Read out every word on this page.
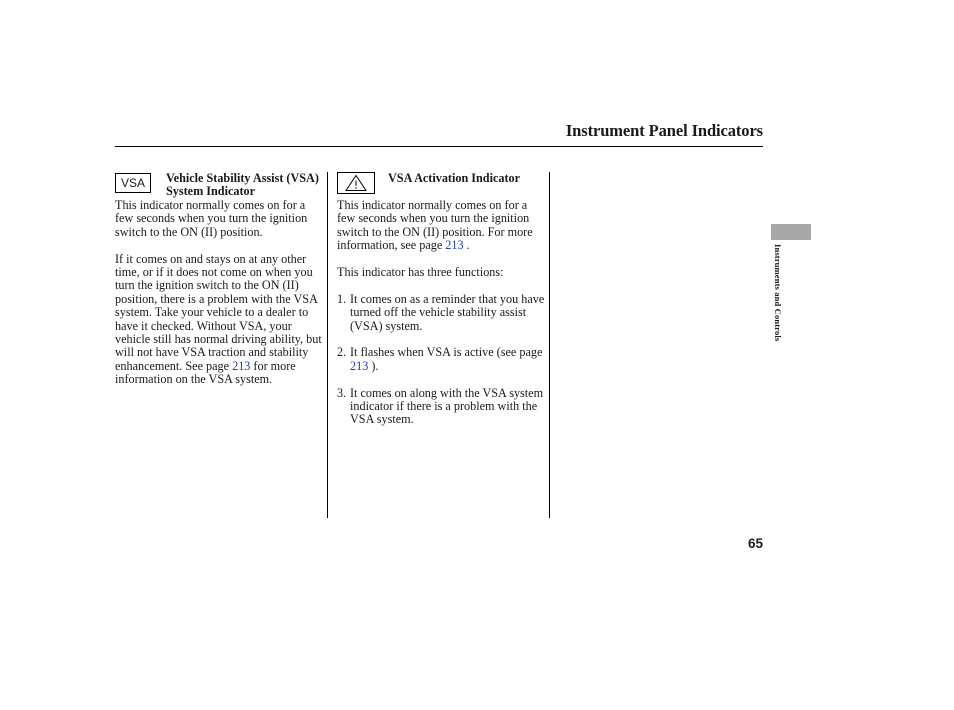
Instrument Panel Indicators
VSA	Vehicle Stability Assist (VSA) System Indicator

This indicator normally comes on for a few seconds when you turn the ignition switch to the ON (II) position.

If it comes on and stays on at any other time, or if it does not come on when you turn the ignition switch to the ON (II) position, there is a problem with the VSA system. Take your vehicle to a dealer to have it checked. Without VSA, your vehicle still has normal driving ability, but will not have VSA traction and stability enhancement. See page 213 for more information on the VSA system.

VSA Activation Indicator

This indicator normally comes on for a few seconds when you turn the ignition switch to the ON (II) position. For more information, see page 213 .

This indicator has three functions:

1. It comes on as a reminder that you have turned off the vehicle stability assist (VSA) system.
2. It flashes when VSA is active (see page 213 ).
3. It comes on along with the VSA system indicator if there is a problem with the VSA system.
Instruments and Controls
65
